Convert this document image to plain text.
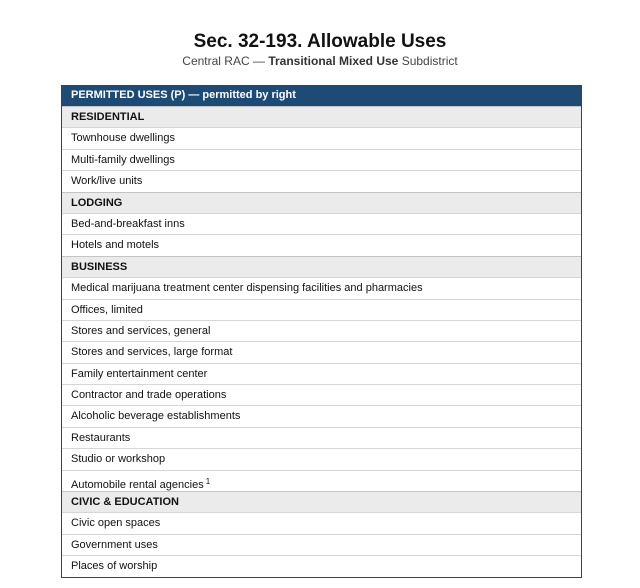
Sec. 32-193. Allowable Uses
Central RAC — Transitional Mixed Use Subdistrict
PERMITTED USES (P) — permitted by right
RESIDENTIAL
Townhouse dwellings
Multi-family dwellings
Work/live units
LODGING
Bed-and-breakfast inns
Hotels and motels
BUSINESS
Medical marijuana treatment center dispensing facilities and pharmacies
Offices, limited
Stores and services, general
Stores and services, large format
Family entertainment center
Contractor and trade operations
Alcoholic beverage establishments
Restaurants
Studio or workshop
Automobile rental agencies $^1$
CIVIC & EDUCATION
Civic open spaces
Government uses
Places of worship
